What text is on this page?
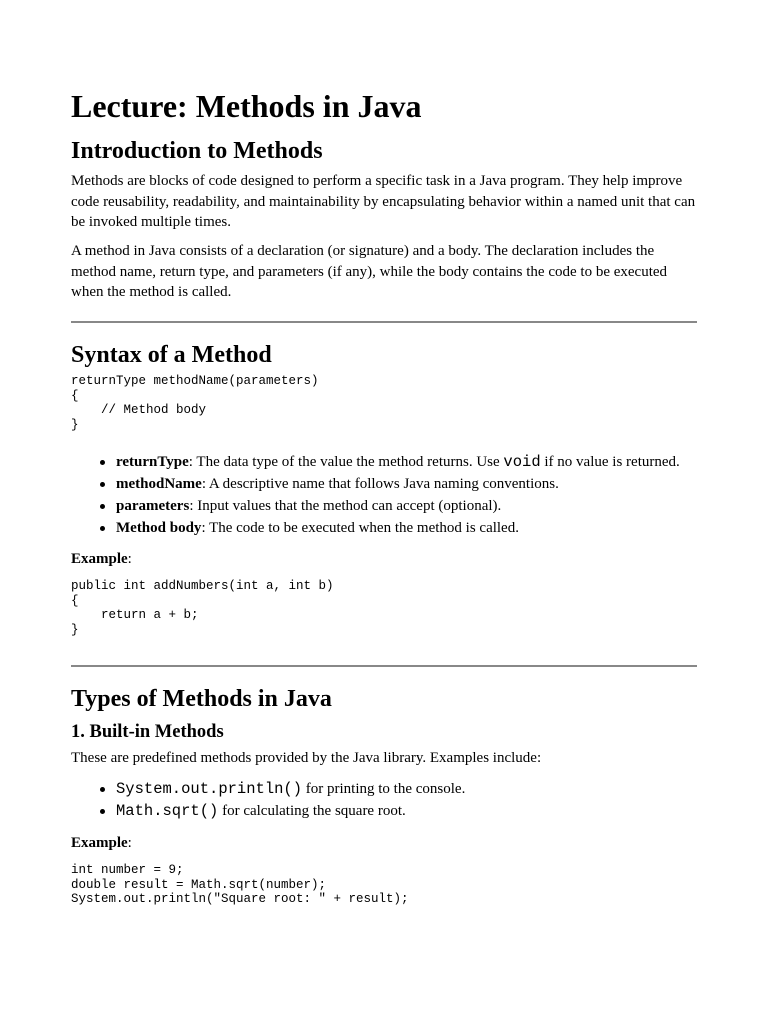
Lecture: Methods in Java
Introduction to Methods

Methods are blocks of code designed to perform a specific task in a Java program. They help improve code reusability, readability, and maintainability by encapsulating behavior within a named unit that can be invoked multiple times.

A method in Java consists of a declaration (or signature) and a body. The declaration includes the method name, return type, and parameters (if any), while the body contains the code to be executed when the method is called.

Syntax of a Method
returnType methodName(parameters)
{
// Method body
}
returnType: The data type of the value the method returns. Use void if no value is returned.
methodName: A descriptive name that follows Java naming conventions.
parameters: Input values that the method can accept (optional).
Method body: The code to be executed when the method is called.

Example:

public int addNumbers(int a, int b)
{
return a + b;
}
Types of Methods in Java
1. Built-in Methods

These are predefined methods provided by the Java library. Examples include:

System.out.println() for printing to the console.
Math.sqrt() for calculating the square root.

Example:

int number = 9;
double result = Math.sqrt(number);
System.out.println("Square root: " + result);
